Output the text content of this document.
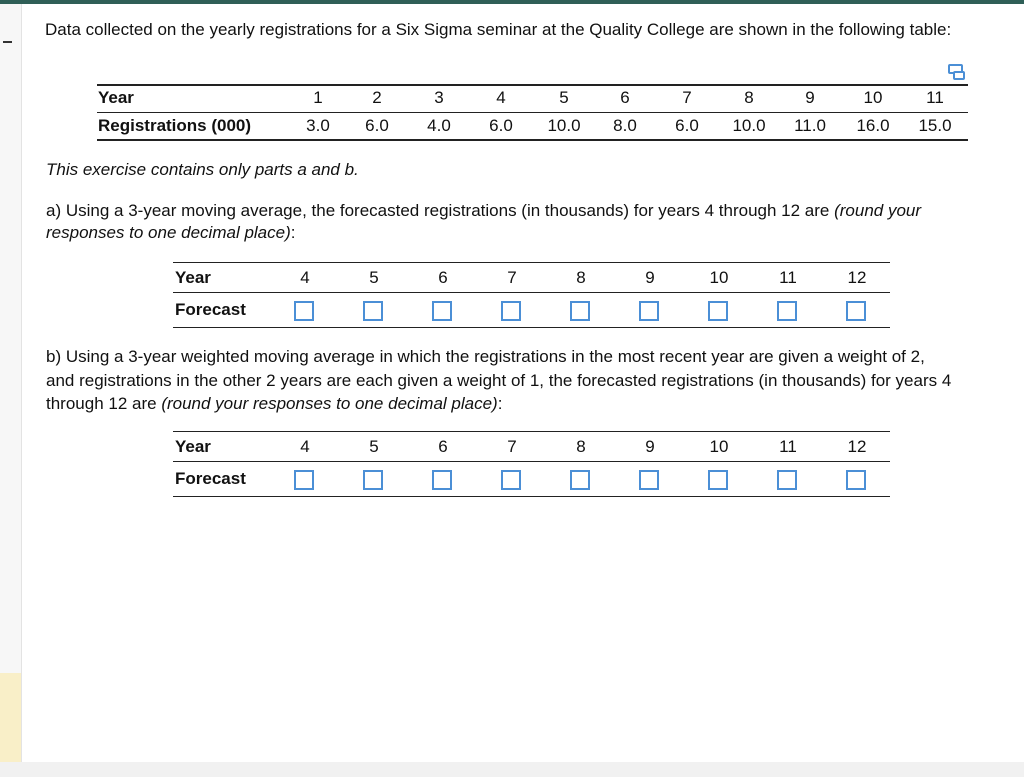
Data collected on the yearly registrations for a Six Sigma seminar at the Quality College are shown in the following table:
Year	1	2	3	4	5	6	7	8	9	10	11
Registrations (000)	3.0	6.0	4.0	6.0	10.0	8.0	6.0	10.0	11.0	16.0	15.0
This exercise contains only parts a and b.
a) Using a 3-year moving average, the forecasted registrations (in thousands) for years 4 through 12 are (round your responses to one decimal place):
Year	4	5	6	7	8	9	10	11	12
Forecast
b) Using a 3-year weighted moving average in which the registrations in the most recent year are given a weight of 2,
and registrations in the other 2 years are each given a weight of 1, the forecasted registrations (in thousands) for years 4
through 12 are (round your responses to one decimal place):
Year	4	5	6	7	8	9	10	11	12
Forecast
